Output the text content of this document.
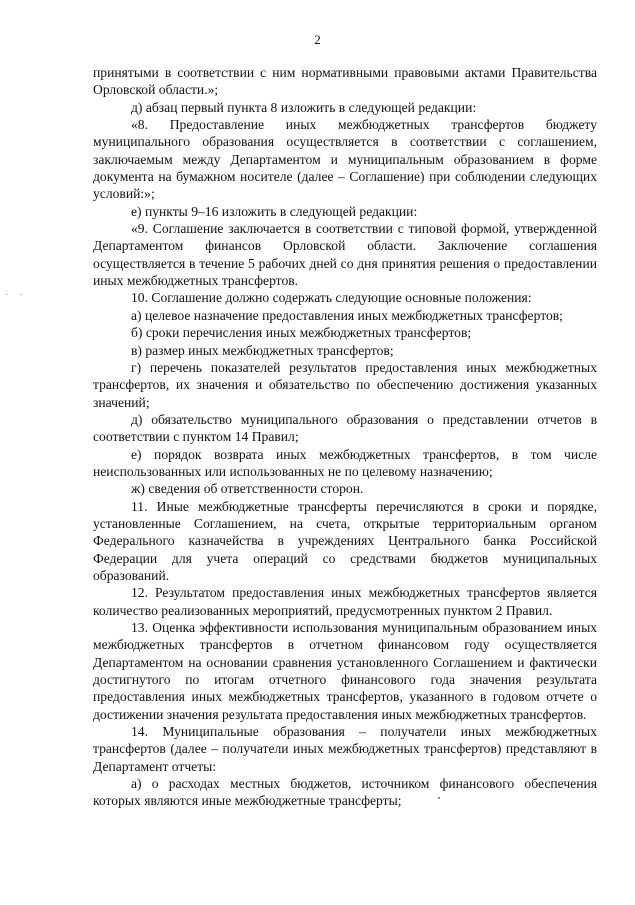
2
. .

принятыми в соответствии с ним нормативными правовыми актами Правительства Орловской области.»;

д) абзац первый пункта 8 изложить в следующей редакции:

«8. Предоставление иных межбюджетных трансфертов бюджету муниципального образования осуществляется в соответствии с соглашением, заключаемым между Департаментом и муниципальным образованием в форме документа на бумажном носителе (далее – Соглашение) при соблюдении следующих условий:»;

е) пункты 9–16 изложить в следующей редакции:

«9. Соглашение заключается в соответствии с типовой формой, утвержденной Департаментом финансов Орловской области. Заключение соглашения осуществляется в течение 5 рабочих дней со дня принятия решения о предоставлении иных межбюджетных трансфертов.

10. Соглашение должно содержать следующие основные положения:

а) целевое назначение предоставления иных межбюджетных трансфертов;

б) сроки перечисления иных межбюджетных трансфертов;

в) размер иных межбюджетных трансфертов;

г) перечень показателей результатов предоставления иных межбюджетных трансфертов, их значения и обязательство по обеспечению достижения указанных значений;

д) обязательство муниципального образования о представлении отчетов в соответствии с пунктом 14 Правил;

е) порядок возврата иных межбюджетных трансфертов, в том числе неиспользованных или использованных не по целевому назначению;

ж) сведения об ответственности сторон.

11. Иные межбюджетные трансферты перечисляются в сроки и порядке, установленные Соглашением, на счета, открытые территориальным органом Федерального казначейства в учреждениях Центрального банка Российской Федерации для учета операций со средствами бюджетов муниципальных образований.

12. Результатом предоставления иных межбюджетных трансфертов является количество реализованных мероприятий, предусмотренных пунктом 2 Правил.

13. Оценка эффективности использования муниципальным образованием иных межбюджетных трансфертов в отчетном финансовом году осуществляется Департаментом на основании сравнения установленного Соглашением и фактически достигнутого по итогам отчетного финансового года значения результата предоставления иных межбюджетных трансфертов, указанного в годовом отчете о достижении значения результата предоставления иных межбюджетных трансфертов.

14. Муниципальные образования – получатели иных межбюджетных трансфертов (далее – получатели иных межбюджетных трансфертов) представляют в Департамент отчеты:

а) о расходах местных бюджетов, источником финансового обеспечения которых являются иные межбюджетные трансферты;
